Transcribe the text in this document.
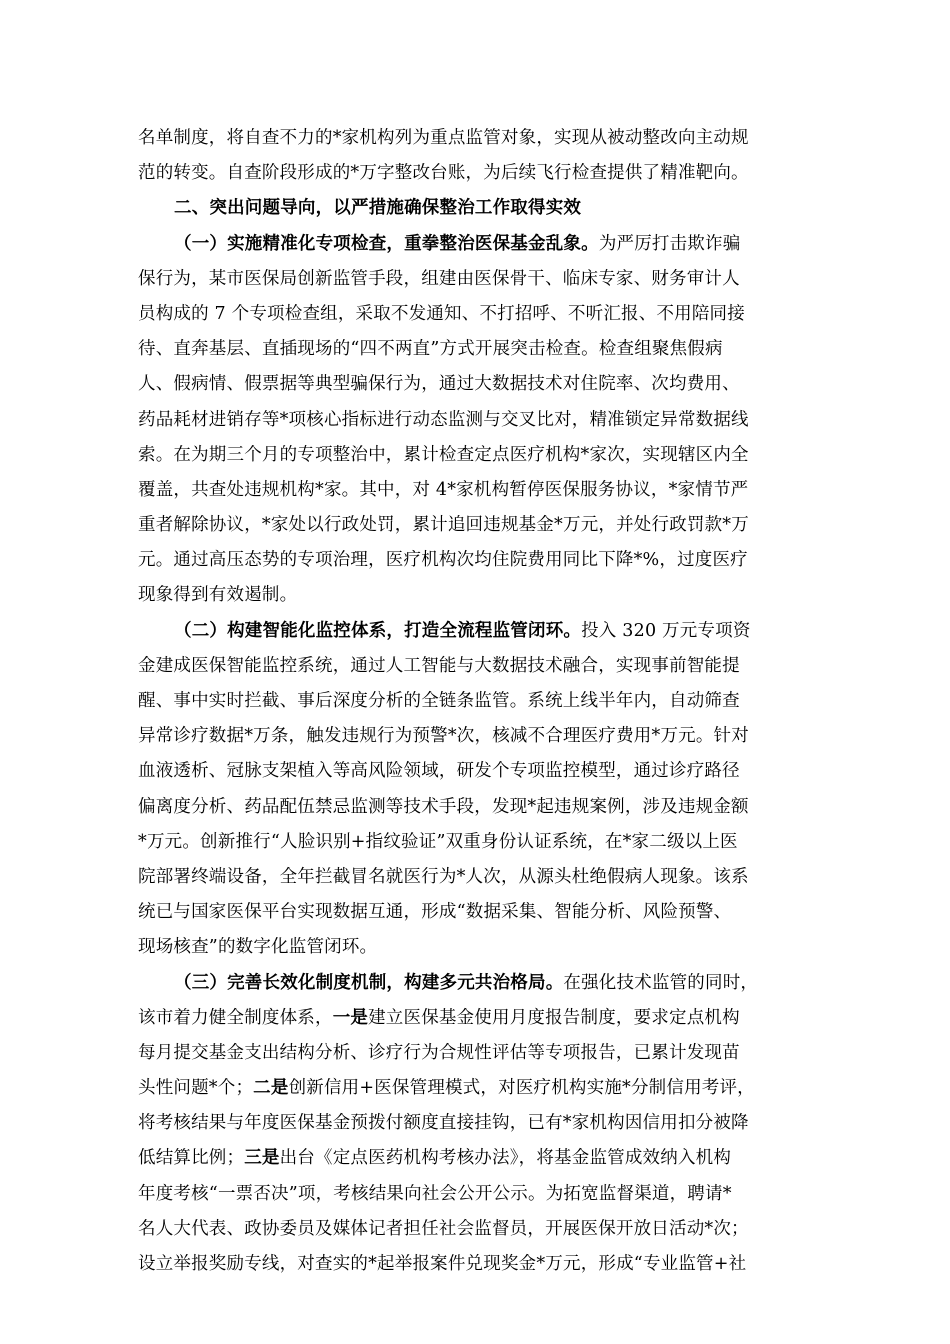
名单制度，将自查不力的*家机构列为重点监管对象，实现从被动整改向主动规
范的转变。自查阶段形成的*万字整改台账，为后续飞行检查提供了精准靶向。
二、突出问题导向，以严措施确保整治工作取得实效
（一）实施精准化专项检查，重拳整治医保基金乱象。为严厉打击欺诈骗
保行为，某市医保局创新监管手段，组建由医保骨干、临床专家、财务审计人
员构成的 7 个专项检查组，采取不发通知、不打招呼、不听汇报、不用陪同接
待、直奔基层、直插现场的“四不两直”方式开展突击检查。检查组聚焦假病
人、假病情、假票据等典型骗保行为，通过大数据技术对住院率、次均费用、
药品耗材进销存等*项核心指标进行动态监测与交叉比对，精准锁定异常数据线
索。在为期三个月的专项整治中，累计检查定点医疗机构*家次，实现辖区内全
覆盖，共查处违规机构*家。其中，对 4*家机构暂停医保服务协议，*家情节严
重者解除协议，*家处以行政处罚，累计追回违规基金*万元，并处行政罚款*万
元。通过高压态势的专项治理，医疗机构次均住院费用同比下降*%，过度医疗
现象得到有效遏制。
（二）构建智能化监控体系，打造全流程监管闭环。投入 320 万元专项资
金建成医保智能监控系统，通过人工智能与大数据技术融合，实现事前智能提
醒、事中实时拦截、事后深度分析的全链条监管。系统上线半年内，自动筛查
异常诊疗数据*万条，触发违规行为预警*次，核减不合理医疗费用*万元。针对
血液透析、冠脉支架植入等高风险领域，研发个专项监控模型，通过诊疗路径
偏离度分析、药品配伍禁忌监测等技术手段，发现*起违规案例，涉及违规金额
*万元。创新推行“人脸识别+指纹验证”双重身份认证系统，在*家二级以上医
院部署终端设备，全年拦截冒名就医行为*人次，从源头杜绝假病人现象。该系
统已与国家医保平台实现数据互通，形成“数据采集、智能分析、风险预警、
现场核查”的数字化监管闭环。
（三）完善长效化制度机制，构建多元共治格局。在强化技术监管的同时，
该市着力健全制度体系，一是建立医保基金使用月度报告制度，要求定点机构
每月提交基金支出结构分析、诊疗行为合规性评估等专项报告，已累计发现苗
头性问题*个；二是创新信用+医保管理模式，对医疗机构实施*分制信用考评，
将考核结果与年度医保基金预拨付额度直接挂钩，已有*家机构因信用扣分被降
低结算比例；三是出台《定点医药机构考核办法》，将基金监管成效纳入机构
年度考核“一票否决”项，考核结果向社会公开公示。为拓宽监督渠道，聘请*
名人大代表、政协委员及媒体记者担任社会监督员，开展医保开放日活动*次；
设立举报奖励专线，对查实的*起举报案件兑现奖金*万元，形成“专业监管+社
